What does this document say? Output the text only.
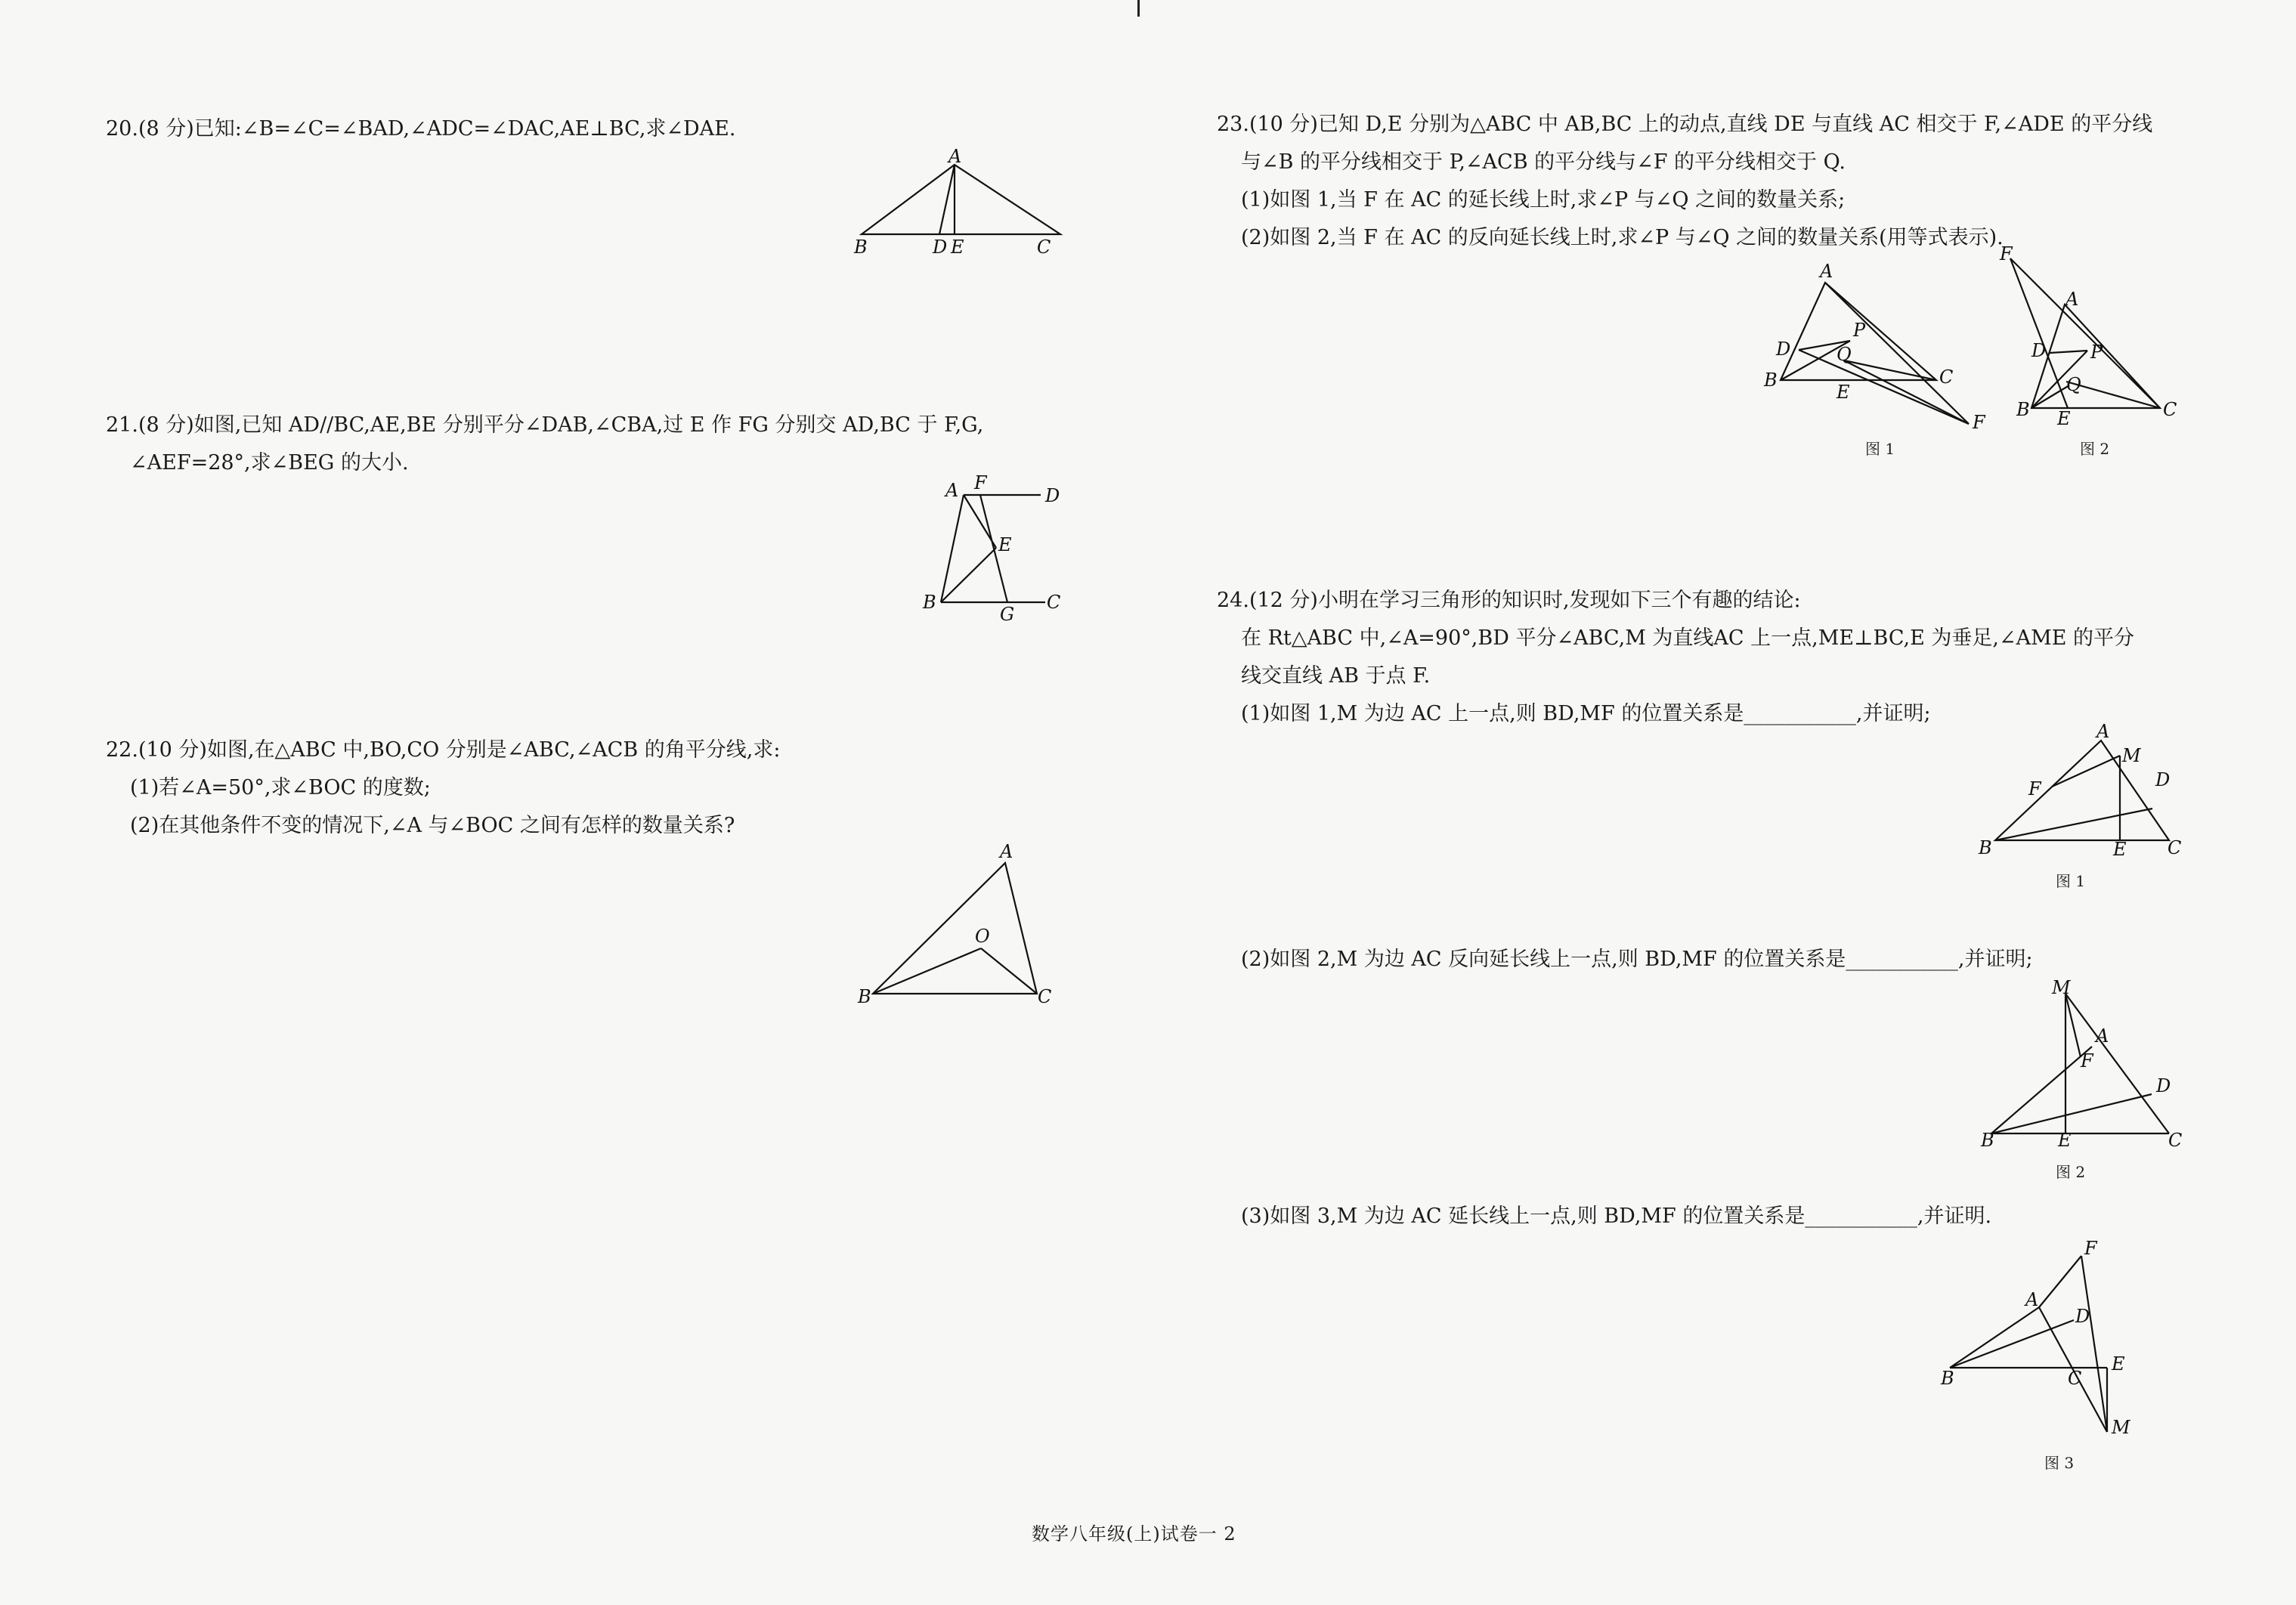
20.(8 分)已知:∠B=∠C=∠BAD,∠ADC=∠DAC,AE⊥BC,求∠DAE.
A
B	D E	C
21.(8 分)如图,已知 AD//BC,AE,BE 分别平分∠DAB,∠CBA,过 E 作 FG 分别交 AD,BC 于 F,G,
∠AEF=28°,求∠BEG 的大小.
A F
D
E
B
G
C
22.(10 分)如图,在△ABC 中,BO,CO 分别是∠ABC,∠ACB 的角平分线,求:
(1)若∠A=50°,求∠BOC 的度数;
(2)在其他条件不变的情况下,∠A 与∠BOC 之间有怎样的数量关系?
A
O
B	C
23.(10 分)已知 D,E 分别为△ABC 中 AB,BC 上的动点,直线 DE 与直线 AC 相交于 F,∠ADE 的平分线
与∠B 的平分线相交于 P,∠ACB 的平分线与∠F 的平分线相交于 Q.
(1)如图 1,当 F 在 AC 的延长线上时,求∠P 与∠Q 之间的数量关系;
(2)如图 2,当 F 在 AC 的反向延长线上时,求∠P 与∠Q 之间的数量关系(用等式表示).
A
P
D	Q
B	C
E
F
图 1
F
A
D P
Q
B E	C
图 2
24.(12 分)小明在学习三角形的知识时,发现如下三个有趣的结论:
在 Rt△ABC 中,∠A=90°,BD 平分∠ABC,M 为直线AC 上一点,ME⊥BC,E 为垂足,∠AME 的平分
线交直线 AB 于点 F.
(1)如图 1,M 为边 AC 上一点,则 BD,MF 的位置关系是___________,并证明;
A
M
D
F
B	E C
图 1
(2)如图 2,M 为边 AC 反向延长线上一点,则 BD,MF 的位置关系是___________,并证明;
M
A
F
D
B	E	C
图 2
(3)如图 3,M 为边 AC 延长线上一点,则 BD,MF 的位置关系是___________,并证明.
F
A
D
B	C
E
M
图 3
数学八年级(上)试卷一 2
